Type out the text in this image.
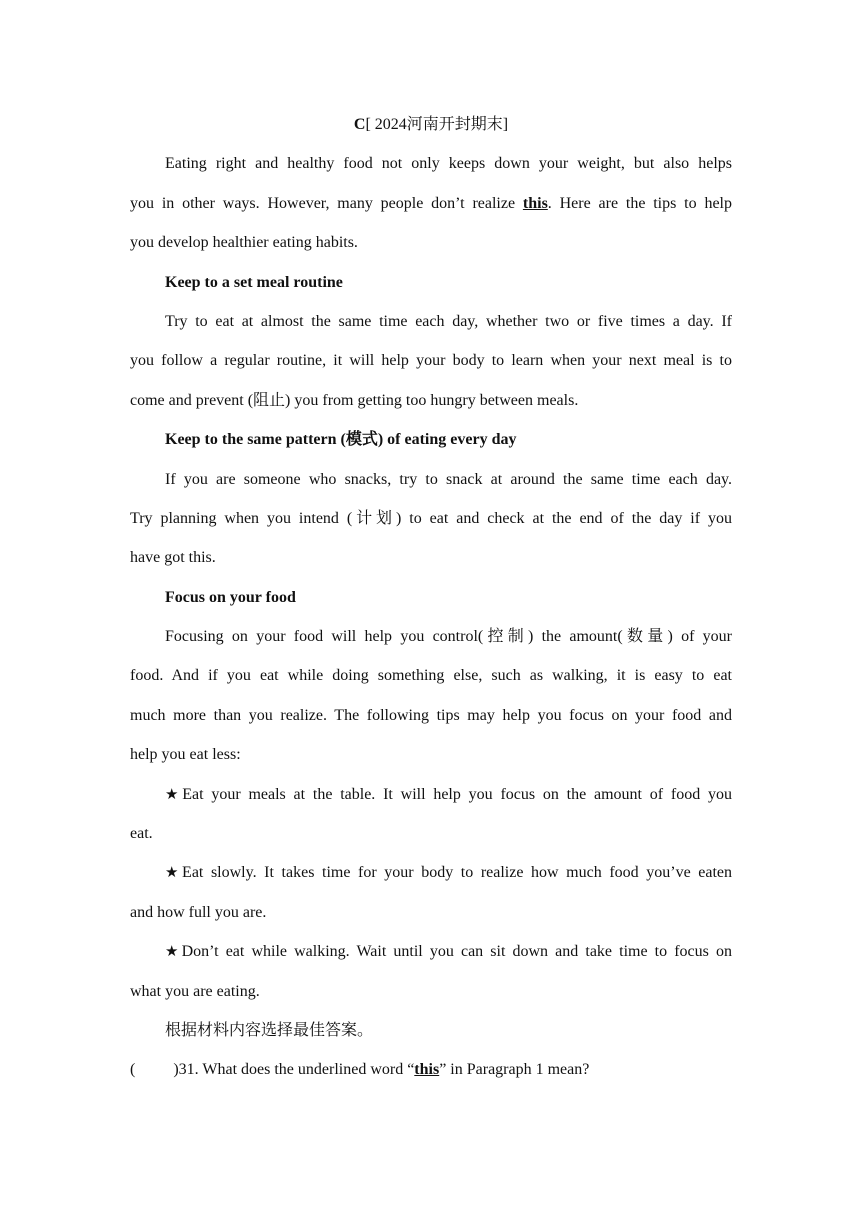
C[ 2024河南开封期末]
Eating right and healthy food not only keeps down your weight, but also helps
you in other ways. However, many people don’t realize this. Here are the tips to help
you develop healthier eating habits.
Keep to a set meal routine
Try to eat at almost the same time each day, whether two or five times a day. If
you follow a regular routine, it will help your body to learn when your next meal is to
come and prevent (阻止) you from getting too hungry between meals.
Keep to the same pattern (模式) of eating every day
If you are someone who snacks, try to snack at around the same time each day.
Try planning when you intend (计划) to eat and check at the end of the day if you
have got this.
Focus on your food
Focusing on your food will help you control(控制) the amount(数量) of your
food. And if you eat while doing something else, such as walking, it is easy to eat
much more than you realize. The following tips may help you focus on your food and
help you eat less:
★Eat your meals at the table. It will help you focus on the amount of food you
eat.
★Eat slowly. It takes time for your body to realize how much food you’ve eaten
and how full you are.
★Don’t eat while walking. Wait until you can sit down and take time to focus on
what you are eating.
根据材料内容选择最佳答案。
( )31. What does the underlined word “this” in Paragraph 1 mean?
